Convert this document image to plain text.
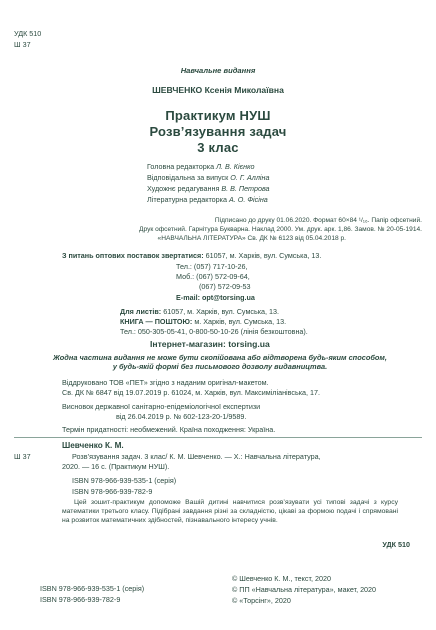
УДК 510
Ш 37
Навчальне видання
ШЕВЧЕНКО Ксенія Миколаївна
Практикум НУШ
Розв’язування задач
3 клас
Головна редакторка Л. В. Кієнко
Відповідальна за випуск О. Г. Алліна
Художнє редагування В. В. Петрова
Літературна редакторка А. О. Фісіна
Підписано до друку 01.06.2020. Формат 60×84 ¹/₁₆. Папір офсетний.
Друк офсетний. Гарнітура Букварна. Наклад 2000. Ум. друк. арк. 1,86. Замов. № 20-05-1914.
«НАВЧАЛЬНА ЛІТЕРАТУРА» Св. ДК № 6123 від 05.04.2018 р.
З питань оптових поставок звертатися: 61057, м. Харків, вул. Сумська, 13.
Тел.: (057) 717-10-26,
Моб.: (067) 572-09-64,
(067) 572-09-53
E-mail: opt@torsing.ua
Для листів: 61057, м. Харків, вул. Сумська, 13.
КНИГА — ПОШТОЮ: м. Харків, вул. Сумська, 13.
Тел.: 050-305-05-41, 0-800-50-10-26 (лінія безкоштовна).
Інтернет-магазин: torsing.ua
Жодна частина видання не може бути скопійована або відтворена будь-яким способом, у будь-якій формі без письмового дозволу видавництва.
Віддруковано ТОВ «ПЕТ» згідно з наданим оригінал-макетом.
Св. ДК № 6847 від 19.07.2019 р. 61024, м. Харків, вул. Максиміліанівська, 17.
Висновок державної санітарно-епідеміологічної експертизи
від 26.04.2019 р. № 602-123-20-1/9589.
Термін придатності: необмежений. Країна походження: Україна.
Шевченко К. М.
Ш 37	Розв’язування задач. 3 клас/ К. М. Шевченко. — Х.: Навчальна література,
2020. — 16 с. (Практикум НУШ).
ISBN 978-966-939-535-1 (серія)
ISBN 978-966-939-782-9
Цей зошит-практикум допоможе Вашій дитині навчитися розв’язувати усі типові задачі з курсу математики третього класу. Підібрані завдання різні за складністю, цікаві за формою подачі і спрямовані на розвиток математичних здібностей, пізнавального інтересу учнів.
УДК 510
ISBN 978-966-939-535-1 (серія)
ISBN 978-966-939-782-9
© Шевченко К. М., текст, 2020
© ПП «Навчальна література», макет, 2020
© «Торсінг», 2020
